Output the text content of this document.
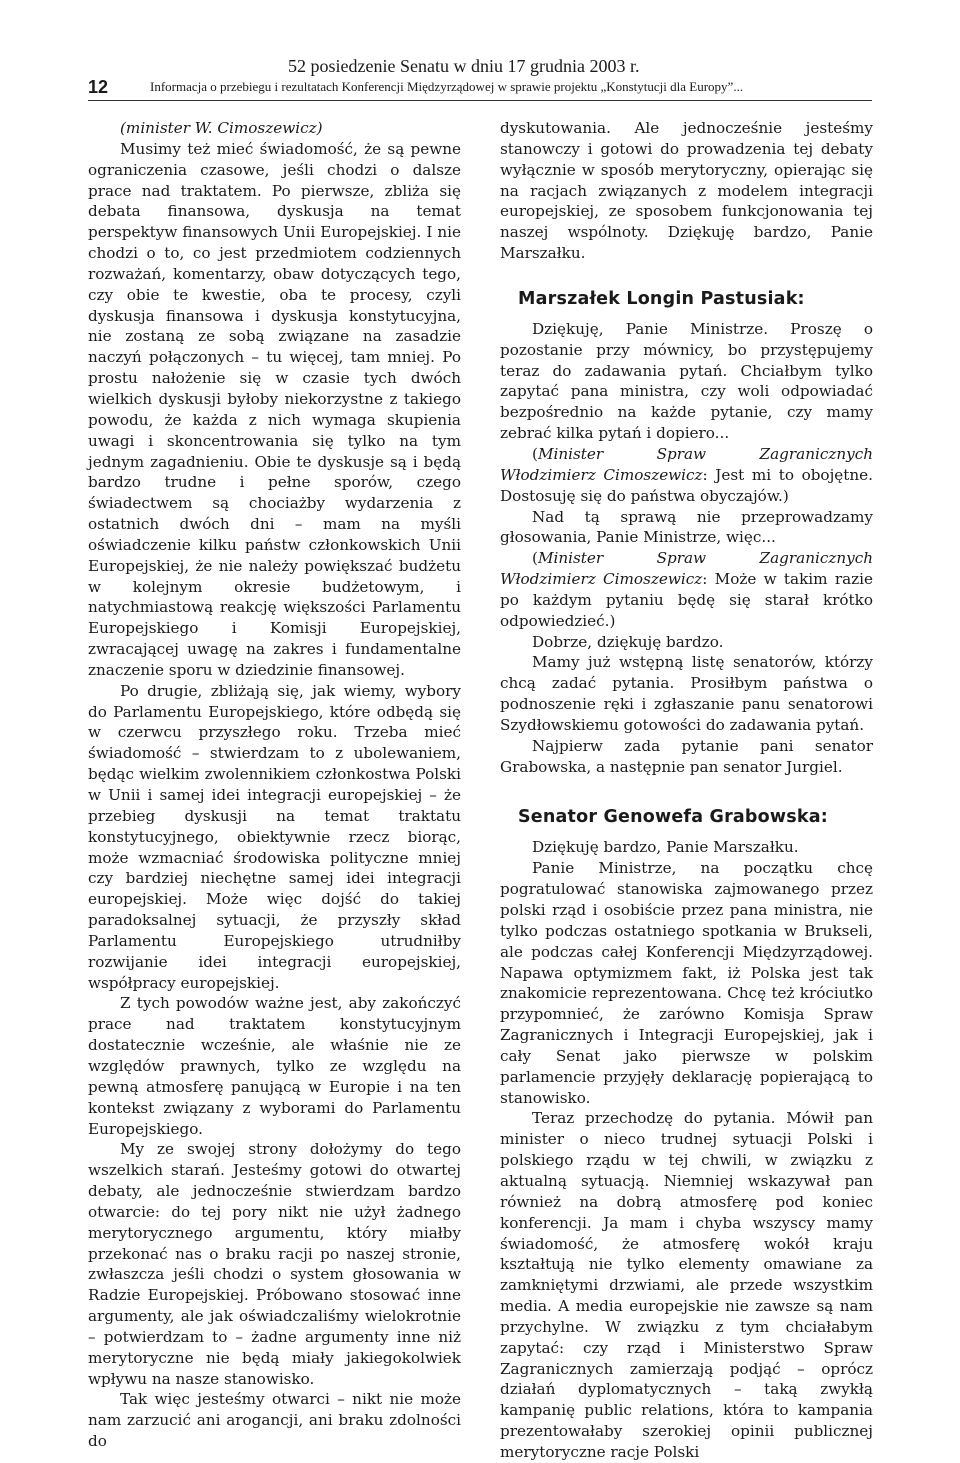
52 posiedzenie Senatu w dniu 17 grudnia 2003 r.
12	Informacja o przebiegu i rezultatach Konferencji Międzyrządowej w sprawie projektu „Konstytucji dla Europy”...

(minister W. Cimoszewicz)

Musimy też mieć świadomość, że są pewne ograniczenia czasowe, jeśli chodzi o dalsze prace nad traktatem. Po pierwsze, zbliża się debata finansowa, dyskusja na temat perspektyw finansowych Unii Europejskiej. I nie chodzi o to, co jest przedmiotem codziennych rozważań, komentarzy, obaw dotyczących tego, czy obie te kwestie, oba te procesy, czyli dyskusja finansowa i dyskusja konstytucyjna, nie zostaną ze sobą związane na zasadzie naczyń połączonych – tu więcej, tam mniej. Po prostu nałożenie się w czasie tych dwóch wielkich dyskusji byłoby niekorzystne z takiego powodu, że każda z nich wymaga skupienia uwagi i skoncentrowania się tylko na tym jednym zagadnieniu. Obie te dyskusje są i będą bardzo trudne i pełne sporów, czego świadectwem są chociażby wydarzenia z ostatnich dwóch dni – mam na myśli oświadczenie kilku państw członkowskich Unii Europejskiej, że nie należy powiększać budżetu w kolejnym okresie budżetowym, i natychmiastową reakcję większości Parlamentu Europejskiego i Komisji Europejskiej, zwracającej uwagę na zakres i fundamentalne znaczenie sporu w dziedzinie finansowej.

Po drugie, zbliżają się, jak wiemy, wybory do Parlamentu Europejskiego, które odbędą się w czerwcu przyszłego roku. Trzeba mieć świadomość – stwierdzam to z ubolewaniem, będąc wielkim zwolennikiem członkostwa Polski w Unii i samej idei integracji europejskiej – że przebieg dyskusji na temat traktatu konstytucyjnego, obiektywnie rzecz biorąc, może wzmacniać środowiska polityczne mniej czy bardziej niechętne samej idei integracji europejskiej. Może więc dojść do takiej paradoksalnej sytuacji, że przyszły skład Parlamentu Europejskiego utrudniłby rozwijanie idei integracji europejskiej, współpracy europejskiej.

Z tych powodów ważne jest, aby zakończyć prace nad traktatem konstytucyjnym dostatecznie wcześnie, ale właśnie nie ze względów prawnych, tylko ze względu na pewną atmosferę panującą w Europie i na ten kontekst związany z wyborami do Parlamentu Europejskiego.

My ze swojej strony dołożymy do tego wszelkich starań. Jesteśmy gotowi do otwartej debaty, ale jednocześnie stwierdzam bardzo otwarcie: do tej pory nikt nie użył żadnego merytorycznego argumentu, który miałby przekonać nas o braku racji po naszej stronie, zwłaszcza jeśli chodzi o system głosowania w Radzie Europejskiej. Próbowano stosować inne argumenty, ale jak oświadczaliśmy wielokrotnie – potwierdzam to – żadne argumenty inne niż merytoryczne nie będą miały jakiegokolwiek wpływu na nasze stanowisko.

Tak więc jesteśmy otwarci – nikt nie może nam zarzucić ani arogancji, ani braku zdolności do

dyskutowania. Ale jednocześnie jesteśmy stanowczy i gotowi do prowadzenia tej debaty wyłącznie w sposób merytoryczny, opierając się na racjach związanych z modelem integracji europejskiej, ze sposobem funkcjonowania tej naszej wspólnoty. Dziękuję bardzo, Panie Marszałku.

Marszałek Longin Pastusiak:

Dziękuję, Panie Ministrze. Proszę o pozostanie przy mównicy, bo przystępujemy teraz do zadawania pytań. Chciałbym tylko zapytać pana ministra, czy woli odpowiadać bezpośrednio na każde pytanie, czy mamy zebrać kilka pytań i dopiero...

(Minister Spraw Zagranicznych Włodzimierz Cimoszewicz: Jest mi to obojętne. Dostosuję się do państwa obyczajów.)

Nad tą sprawą nie przeprowadzamy głosowania, Panie Ministrze, więc...

(Minister Spraw Zagranicznych Włodzimierz Cimoszewicz: Może w takim razie po każdym pytaniu będę się starał krótko odpowiedzieć.)

Dobrze, dziękuję bardzo.

Mamy już wstępną listę senatorów, którzy chcą zadać pytania. Prosiłbym państwa o podnoszenie ręki i zgłaszanie panu senatorowi Szydłowskiemu gotowości do zadawania pytań.

Najpierw zada pytanie pani senator Grabowska, a następnie pan senator Jurgiel.

Senator Genowefa Grabowska:

Dziękuję bardzo, Panie Marszałku.

Panie Ministrze, na początku chcę pogratulować stanowiska zajmowanego przez polski rząd i osobiście przez pana ministra, nie tylko podczas ostatniego spotkania w Brukseli, ale podczas całej Konferencji Międzyrządowej. Napawa optymizmem fakt, iż Polska jest tak znakomicie reprezentowana. Chcę też króciutko przypomnieć, że zarówno Komisja Spraw Zagranicznych i Integracji Europejskiej, jak i cały Senat jako pierwsze w polskim parlamencie przyjęły deklarację popierającą to stanowisko.

Teraz przechodzę do pytania. Mówił pan minister o nieco trudnej sytuacji Polski i polskiego rządu w tej chwili, w związku z aktualną sytuacją. Niemniej wskazywał pan również na dobrą atmosferę pod koniec konferencji. Ja mam i chyba wszyscy mamy świadomość, że atmosferę wokół kraju kształtują nie tylko elementy omawiane za zamkniętymi drzwiami, ale przede wszystkim media. A media europejskie nie zawsze są nam przychylne. W związku z tym chciałabym zapytać: czy rząd i Ministerstwo Spraw Zagranicznych zamierzają podjąć – oprócz działań dyplomatycznych – taką zwykłą kampanię public relations, która to kampania prezentowałaby szerokiej opinii publicznej merytoryczne racje Polski
